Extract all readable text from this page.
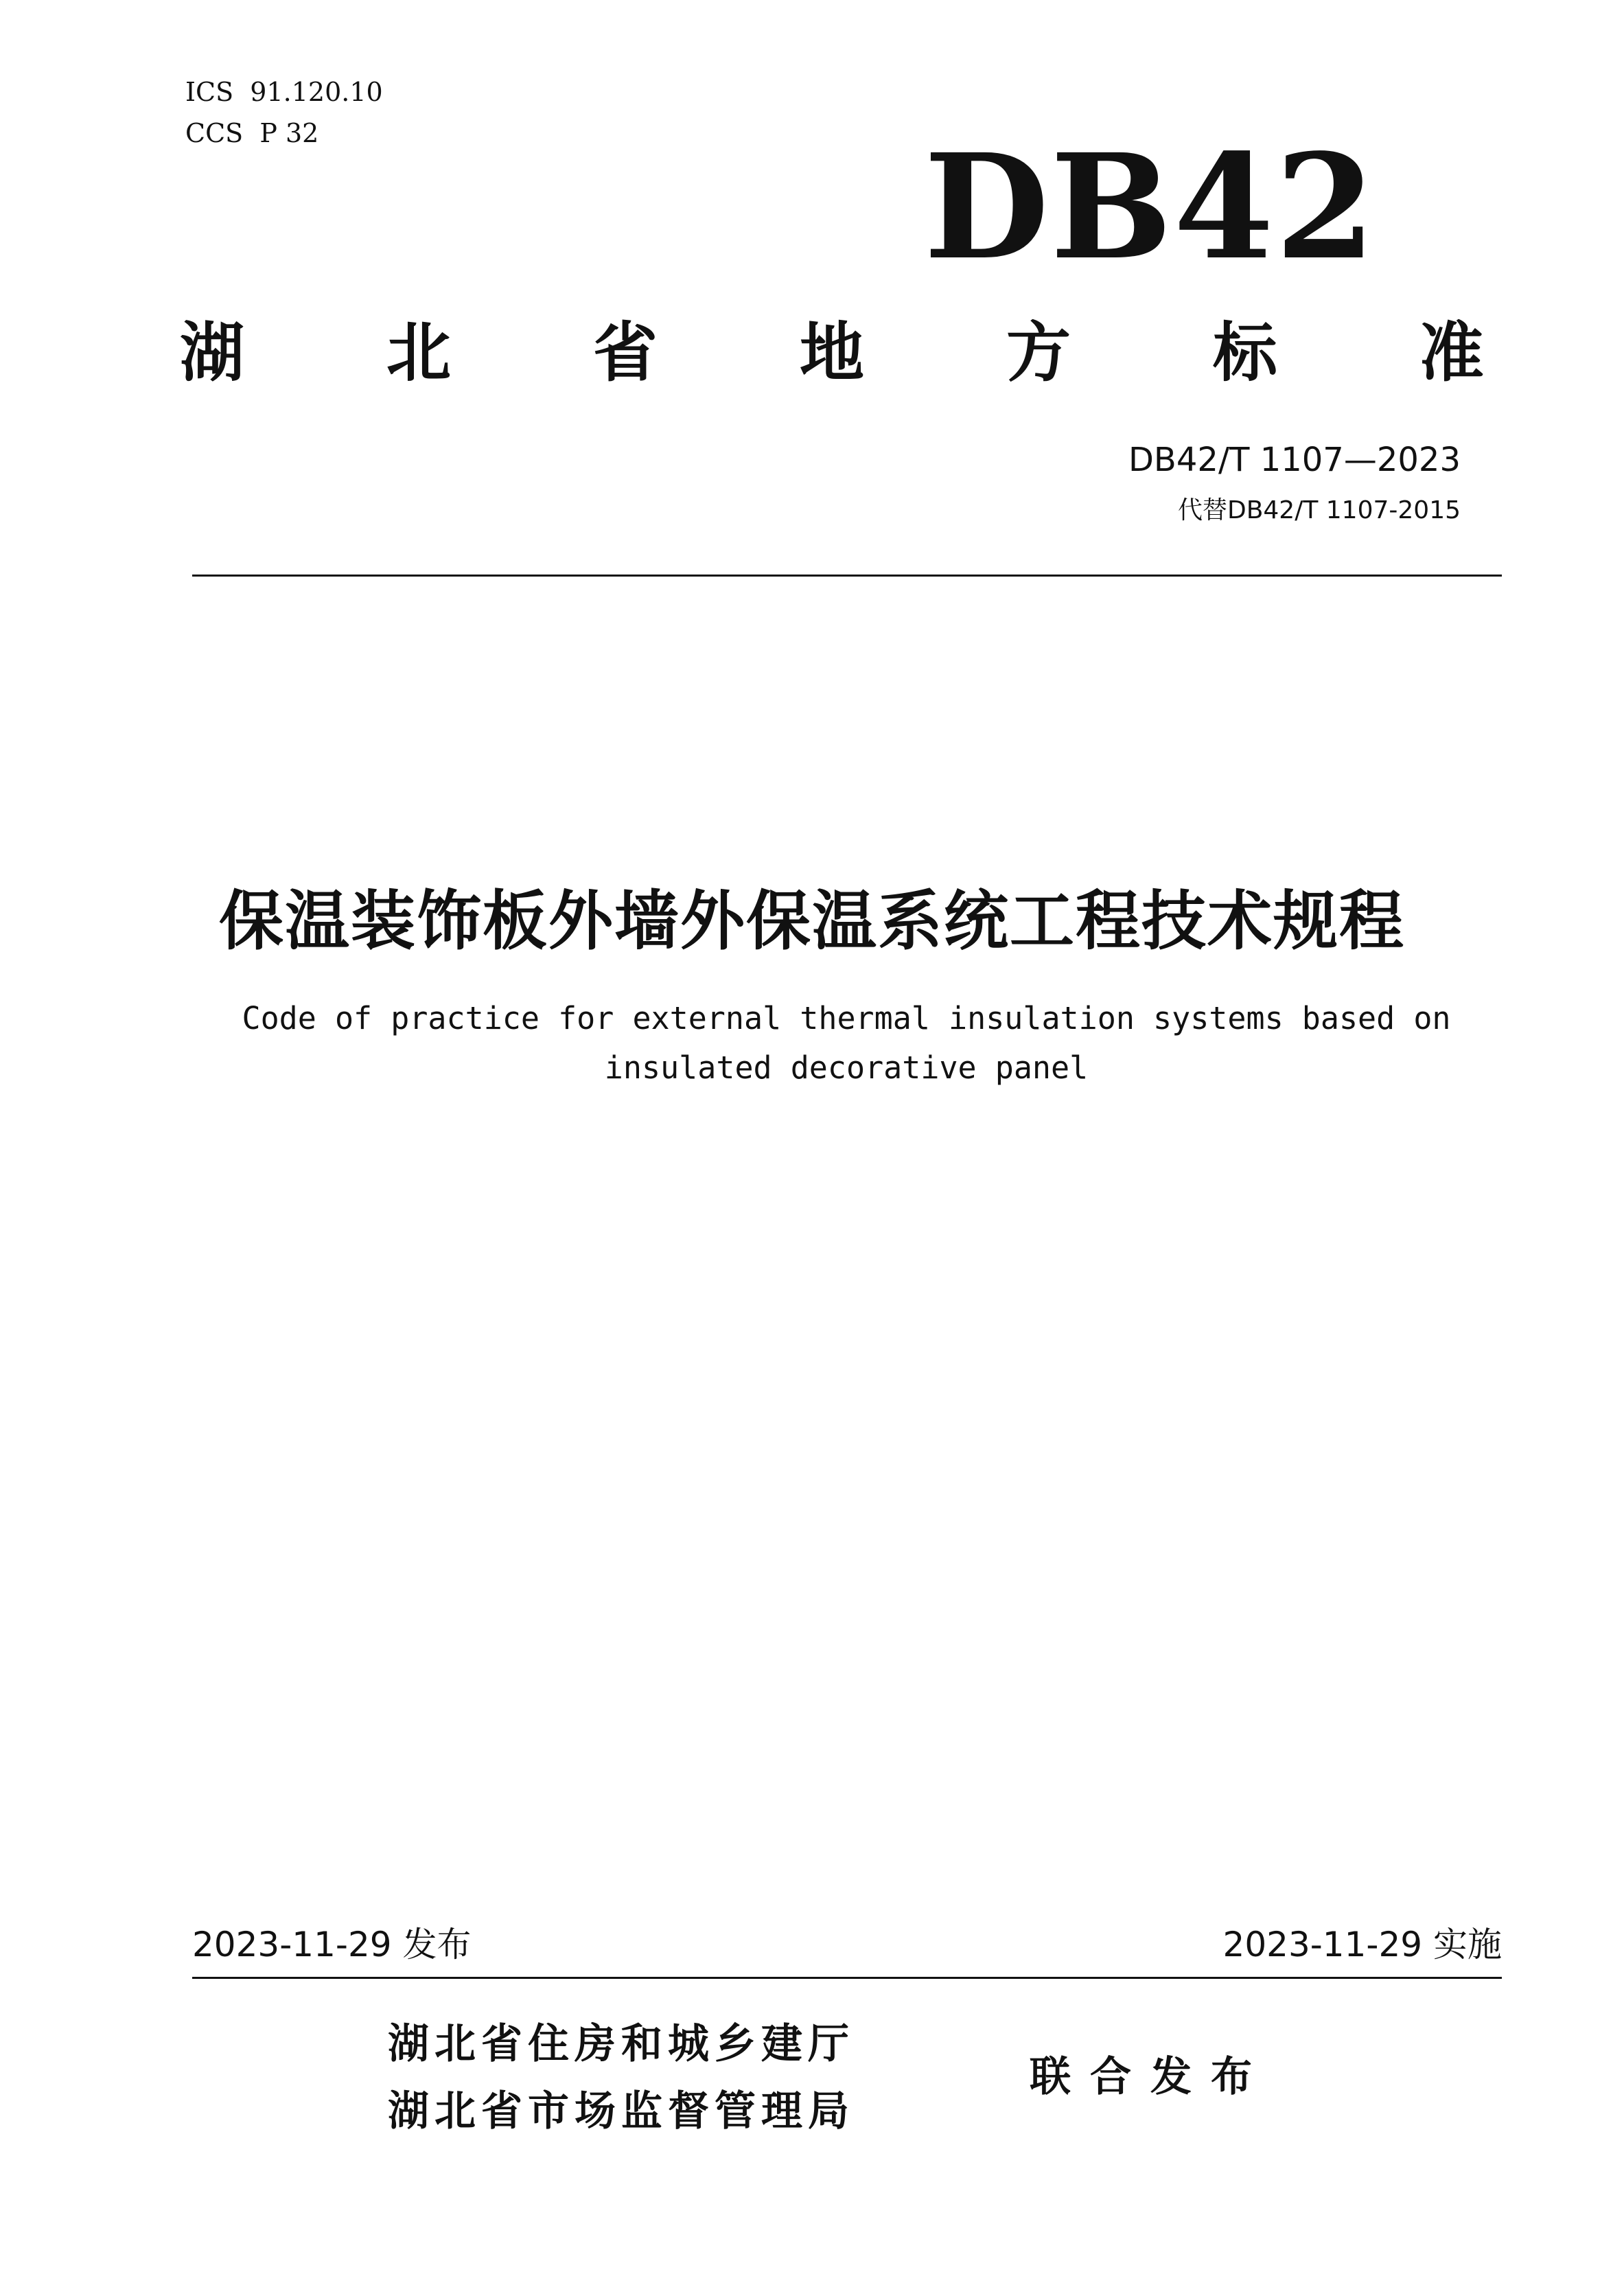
ICS  91.120.10
CCS  P 32	DB42
湖 北 省 地 方 标 准
DB42/T 1107—2023
代替DB42/T 1107-2015
保温装饰板外墙外保温系统工程技术规程
Code of practice for external thermal insulation systems based on insulated decorative panel
2023-11-29 发布	2023-11-29 实施
湖北省住房和城乡建厅
湖北省市场监督管理局
联合发布
